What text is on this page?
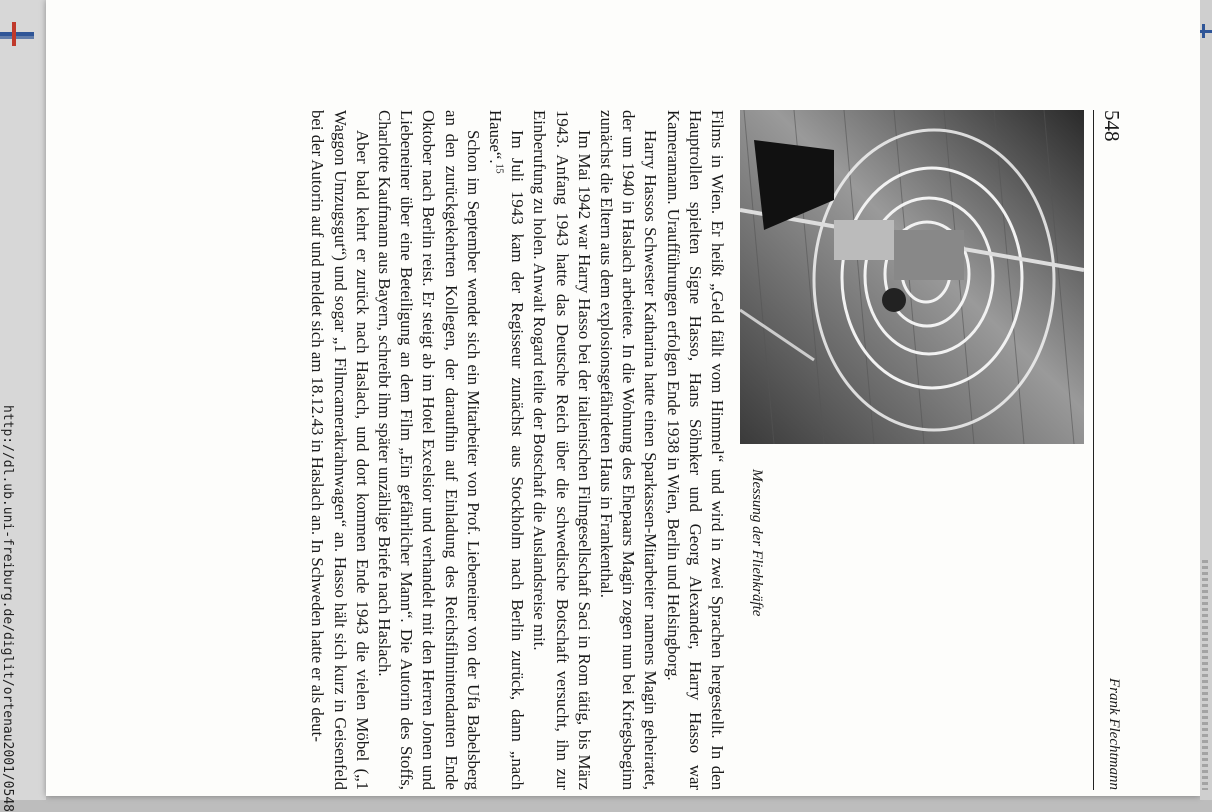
http://dl.ub.uni-freiburg.de/diglit/ortenau2001/0548
548
Frank Flechtmann
Messung der Fliehkräfte

Films in Wien. Er heißt „Geld fällt vom Himmel“ und wird in zwei Sprachen hergestellt. In den Hauptrollen spielten Signe Hasso, Hans Söhnker und Georg Alexander, Harry Hasso war Kameramann. Uraufführungen erfolgen Ende 1938 in Wien, Berlin und Helsingborg.

Harry Hassos Schwester Katharina hatte einen Sparkassen-Mitarbeiter namens Magin geheiratet, der um 1940 in Haslach arbeitete. In die Wohnung des Ehepaars Magin zogen nun bei Kriegsbeginn zunächst die Eltern aus dem explosionsgefährdeten Haus in Frankenthal.

Im Mai 1942 war Harry Hasso bei der italienischen Filmgesellschaft Saci in Rom tätig, bis März 1943. Anfang 1943 hatte das Deutsche Reich über die schwedische Botschaft versucht, ihn zur Einberufung zu holen. Anwalt Rogard teilte der Botschaft die Auslandsreise mit.

Im Juli 1943 kam der Regisseur zunächst aus Stockholm nach Berlin zurück, dann „nach Hause“.$^{15}$

Schon im September wendet sich ein Mitarbeiter von Prof. Liebeneiner von der Ufa Babelsberg an den zurückgekehrten Kollegen, der daraufhin auf Einladung des Reichsfilmintendanten Ende Oktober nach Berlin reist. Er steigt ab im Hotel Excelsior und verhandelt mit den Herren Jonen und Liebeneiner über eine Beteiligung an dem Film „Ein gefährlicher Mann“. Die Autorin des Stoffs, Charlotte Kaufmann aus Bayern, schreibt ihm später unzählige Briefe nach Haslach.

Aber bald kehrt er zurück nach Haslach, und dort kommen Ende 1943 die vielen Möbel („1 Waggon Umzugsgut“) und sogar „1 Filmcamerakrahnwagen“ an. Hasso hält sich kurz in Geisenfeld bei der Autorin auf und meldet sich am 18.12.43 in Haslach an. In Schweden hatte er als deut-
